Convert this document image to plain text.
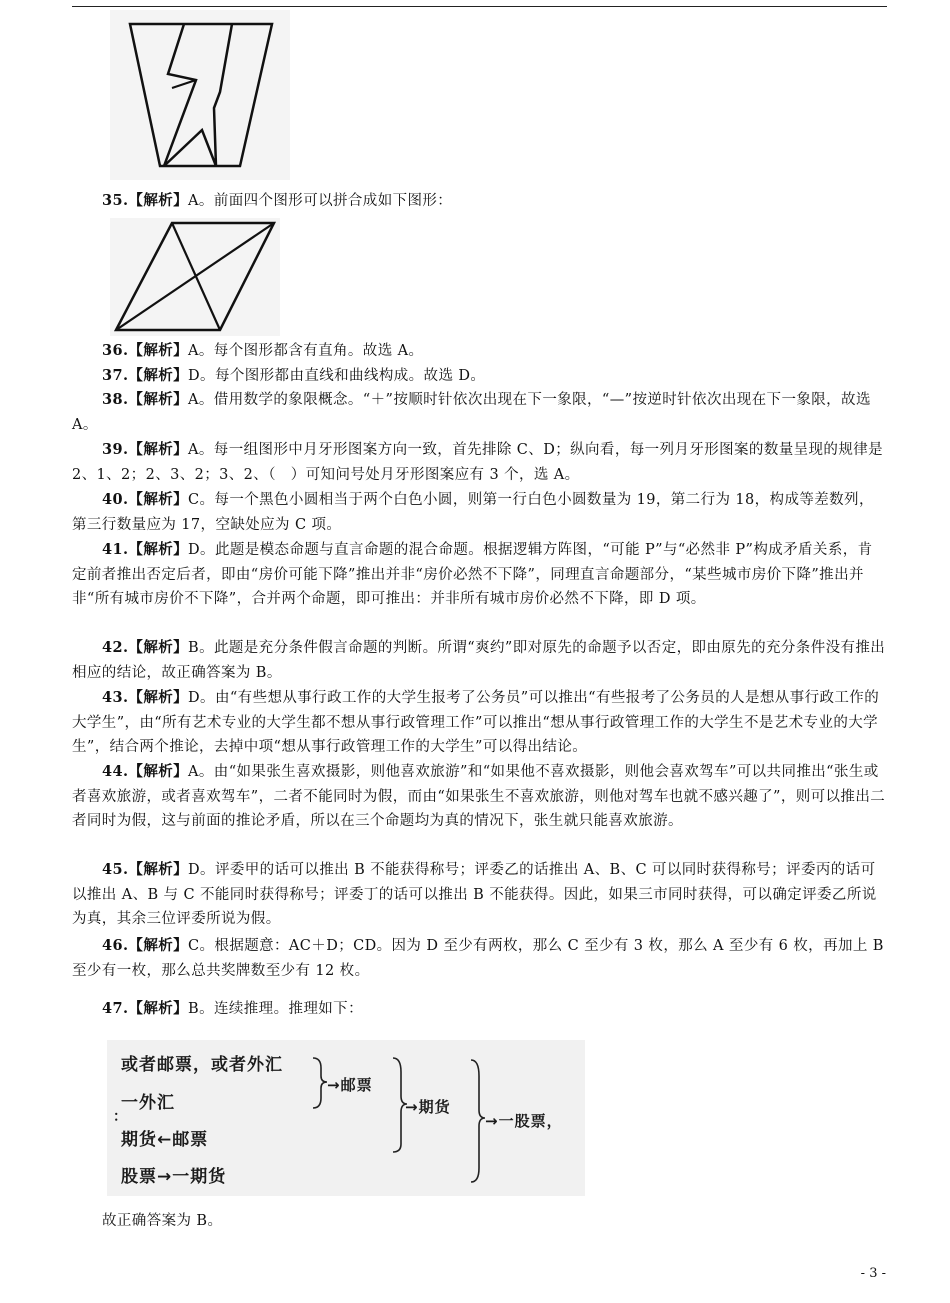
35.【解析】A。前面四个图形可以拼合成如下图形：

36.【解析】A。每个图形都含有直角。故选 A。

37.【解析】D。每个图形都由直线和曲线构成。故选 D。

38.【解析】A。借用数学的象限概念。“＋”按顺时针依次出现在下一象限，“—”按逆时针依次出现在下一象限，故选 A。

39.【解析】A。每一组图形中月牙形图案方向一致，首先排除 C、D；纵向看，每一列月牙形图案的数量呈现的规律是 2、1、2；2、3、2；3、2、（　）可知问号处月牙形图案应有 3 个，选 A。

40.【解析】C。每一个黑色小圆相当于两个白色小圆，则第一行白色小圆数量为 19，第二行为 18，构成等差数列，第三行数量应为 17，空缺处应为 C 项。

41.【解析】D。此题是模态命题与直言命题的混合命题。根据逻辑方阵图，“可能 P”与“必然非 P”构成矛盾关系，肯定前者推出否定后者，即由“房价可能下降”推出并非“房价必然不下降”，同理直言命题部分，“某些城市房价下降”推出并非“所有城市房价不下降”，合并两个命题，即可推出：并非所有城市房价必然不下降，即 D 项。

42.【解析】B。此题是充分条件假言命题的判断。所谓“爽约”即对原先的命题予以否定，即由原先的充分条件没有推出相应的结论，故正确答案为 B。

43.【解析】D。由“有些想从事行政工作的大学生报考了公务员”可以推出“有些报考了公务员的人是想从事行政工作的大学生”，由“所有艺术专业的大学生都不想从事行政管理工作”可以推出“想从事行政管理工作的大学生不是艺术专业的大学生”，结合两个推论，去掉中项“想从事行政管理工作的大学生”可以得出结论。

44.【解析】A。由“如果张生喜欢摄影，则他喜欢旅游”和“如果他不喜欢摄影，则他会喜欢驾车”可以共同推出“张生或者喜欢旅游，或者喜欢驾车”，二者不能同时为假，而由“如果张生不喜欢旅游，则他对驾车也就不感兴趣了”，则可以推出二者同时为假，这与前面的推论矛盾，所以在三个命题均为真的情况下，张生就只能喜欢旅游。

45.【解析】D。评委甲的话可以推出 B 不能获得称号；评委乙的话推出 A、B、C 可以同时获得称号；评委丙的话可以推出 A、B 与 C 不能同时获得称号；评委丁的话可以推出 B 不能获得。因此，如果三市同时获得，可以确定评委乙所说为真，其余三位评委所说为假。

46.【解析】C。根据题意：AC＋D；CD。因为 D 至少有两枚，那么 C 至少有 3 枚，那么 A 至少有 6 枚，再加上 B 至少有一枚，那么总共奖牌数至少有 12 枚。

47.【解析】B。连续推理。推理如下：

或者邮票，或者外汇
一外汇
：
期货←邮票
股票→一期货
→邮票
→期货
→一股票，

故正确答案为 B。

- 3 -
